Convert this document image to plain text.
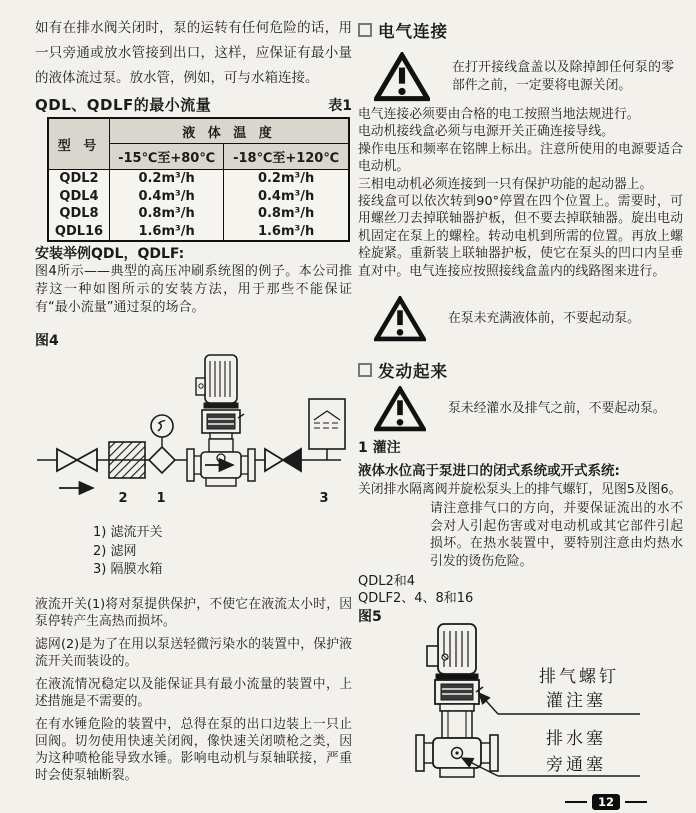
如有在排水阀关闭时，泵的运转有任何危险的话，用一只旁通或放水管接到出口，这样，应保证有最小量的液体流过泵。放水管，例如，可与水箱连接。

QDL、QDLF的最小流量	表1
型 号	液 体 温 度	
	-15℃至+80℃	-18℃至+120℃
QDL2	0.2m³/h	0.2m³/h
QDL4	0.4m³/h	0.4m³/h
QDL8	0.8m³/h	0.8m³/h
QDL16	1.6m³/h	1.6m³/h
安装举例QDL，QDLF:

图4所示——典型的高压冲刷系统图的例子。本公司推荐这一种如图所示的安装方法，用于那些不能保证有“最小流量”通过泵的场合。

图4
2 1	3
1) 滤流开关
2) 滤网
3) 隔膜水箱

液流开关(1)将对泵提供保护，不使它在液流太小时，因泵停转产生高热而损坏。

滤网(2)是为了在用以泵送轻微污染水的装置中，保护液流开关而装设的。

在液流情况稳定以及能保证具有最小流量的装置中，上述措施是不需要的。

在有水锤危险的装置中，总得在泵的出口边装上一只止回阀。切勿使用快速关闭阀，像快速关闭喷枪之类，因为这种喷枪能导致水锤。影响电动机与泵轴联接，严重时会使泵轴断裂。

电气连接

在打开接线盒盖以及除掉卸任何泵的零部件之前，一定要将电源关闭。

电气连接必须要由合格的电工按照当地法规进行。

电动机接线盒必须与电源开关正确连接导线。

操作电压和频率在铭牌上标出。注意所使用的电源要适合电动机。

三相电动机必须连接到一只有保护功能的起动器上。

接线盒可以依次转到90°停置在四个位置上。需要时，可用螺丝刀去掉联轴器护板，但不要去掉联轴器。旋出电动机固定在泵上的螺栓。转动电机到所需的位置。再放上螺栓旋紧。重新装上联轴器护板，使它在泵头的凹口内呈垂直对中。电气连接应按照接线盒盖内的线路图来进行。

在泵未充满液体前，不要起动泵。

发动起来

泵未经灌水及排气之前，不要起动泵。

1 灌注
液体水位高于泵进口的闭式系统或开式系统:

关闭排水隔离阀并旋松泵头上的排气螺钉，见图5及图6。

请注意排气口的方向，并要保证流出的水不会对人引起伤害或对电动机或其它部件引起损坏。在热水装置中，要特别注意由灼热水引发的烫伤危险。

QDL2和4
QDLF2、4、8和16
图5
排气螺钉
灌注塞
排水塞
旁通塞
12
